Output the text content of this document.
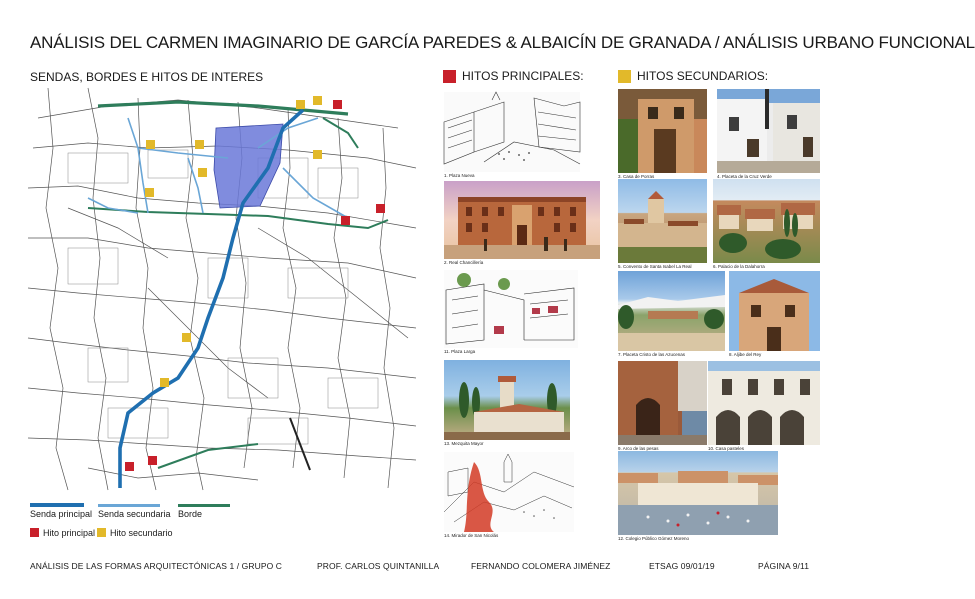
ANÁLISIS DEL CARMEN IMAGINARIO DE GARCÍA PAREDES & ALBAICÍN DE GRANADA / ANÁLISIS URBANO FUNCIONAL
SENDAS, BORDES E HITOS DE INTERES
Senda principal Senda secundaria Borde
Hito principal Hito secundario
HITOS PRINCIPALES:	HITOS SECUNDARIOS:
1. Plaza Nueva
2. Real Chancillería
11. Plaza Larga
13. Mezquita Mayor
14. Mirador de San Nicolás
3. Casa de Porras	4. Placeta de la Cruz Verde
5. Convento de Santa Isabel La Real	6. Palacio de la Dalahorra
7. Placeta Cristo de las Azucenas	8. Aljibe del Rey
9. Arco de las pesas	10. Casa pasteles
12. Colegio Público Gómez Moreno
ANÁLISIS DE LAS FORMAS ARQUITECTÓNICAS 1 / GRUPO C	PROF. CARLOS QUINTANILLA	FERNANDO COLOMERA JIMÉNEZ	ETSAG 09/01/19	PÁGINA 9/11
